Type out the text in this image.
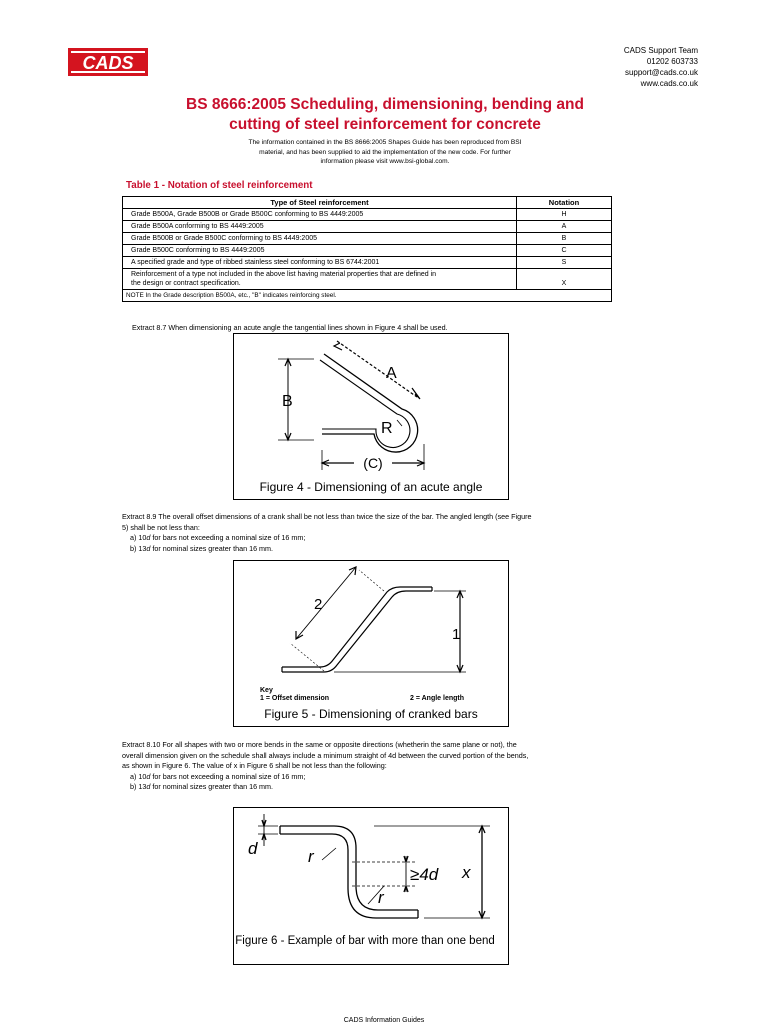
CADS
CADS Support Team
01202 603733
support@cads.co.uk
www.cads.co.uk
BS 8666:2005 Scheduling, dimensioning, bending and
cutting of steel reinforcement for concrete
The information contained in the BS 8666:2005 Shapes Guide has been reproduced from BSI
material, and has been supplied to aid the implementation of the new code. For further
information please visit www.bsi-global.com.
Table 1 - Notation of steel reinforcement
Type of Steel reinforcement	Notation
Grade B500A, Grade B500B or Grade B500C conforming to BS 4449:2005	H
Grade B500A conforming to BS 4449:2005	A
Grade B500B or Grade B500C conforming to BS 4449:2005	B
Grade B500C conforming to BS 4449:2005	C
A specified grade and type of ribbed stainless steel conforming to BS 6744:2001	S

Reinforcement of a type not included in the above list having material properties that are defined in
the design or contract specification.	X
NOTE In the Grade description B500A, etc., "B" indicates reinforcing steel.	
Extract 8.7 When dimensioning an acute angle the tangential lines shown in Figure 4 shall be used.
A
B
R
(C)
Figure 4 - Dimensioning of an acute angle
Extract 8.9 The overall offset dimensions of a crank shall be not less than twice the size of the bar. The angled length (see Figure
5) shall be not less than:
a) 10d for bars not exceeding a nominal size of 16 mm;
b) 13d for nominal sizes greater than 16 mm.
2
1
Key
1 = Offset dimension	2 = Angle length
Figure 5 - Dimensioning of cranked bars
Extract 8.10 For all shapes with two or more bends in the same or opposite directions (whetherin the same plane or not), the
overall dimension given on the schedule shall always include a minimum straight of 4d between the curved portion of the bends,
as shown in Figure 6. The value of x in Figure 6 shall be not less than the following:
a) 10d for bars not exceeding a nominal size of 16 mm;
b) 13d for nominal sizes greater than 16 mm.
d	r
r
≥4d x
Figure 6 - Example of bar with more than one bend
CADS Information Guides
